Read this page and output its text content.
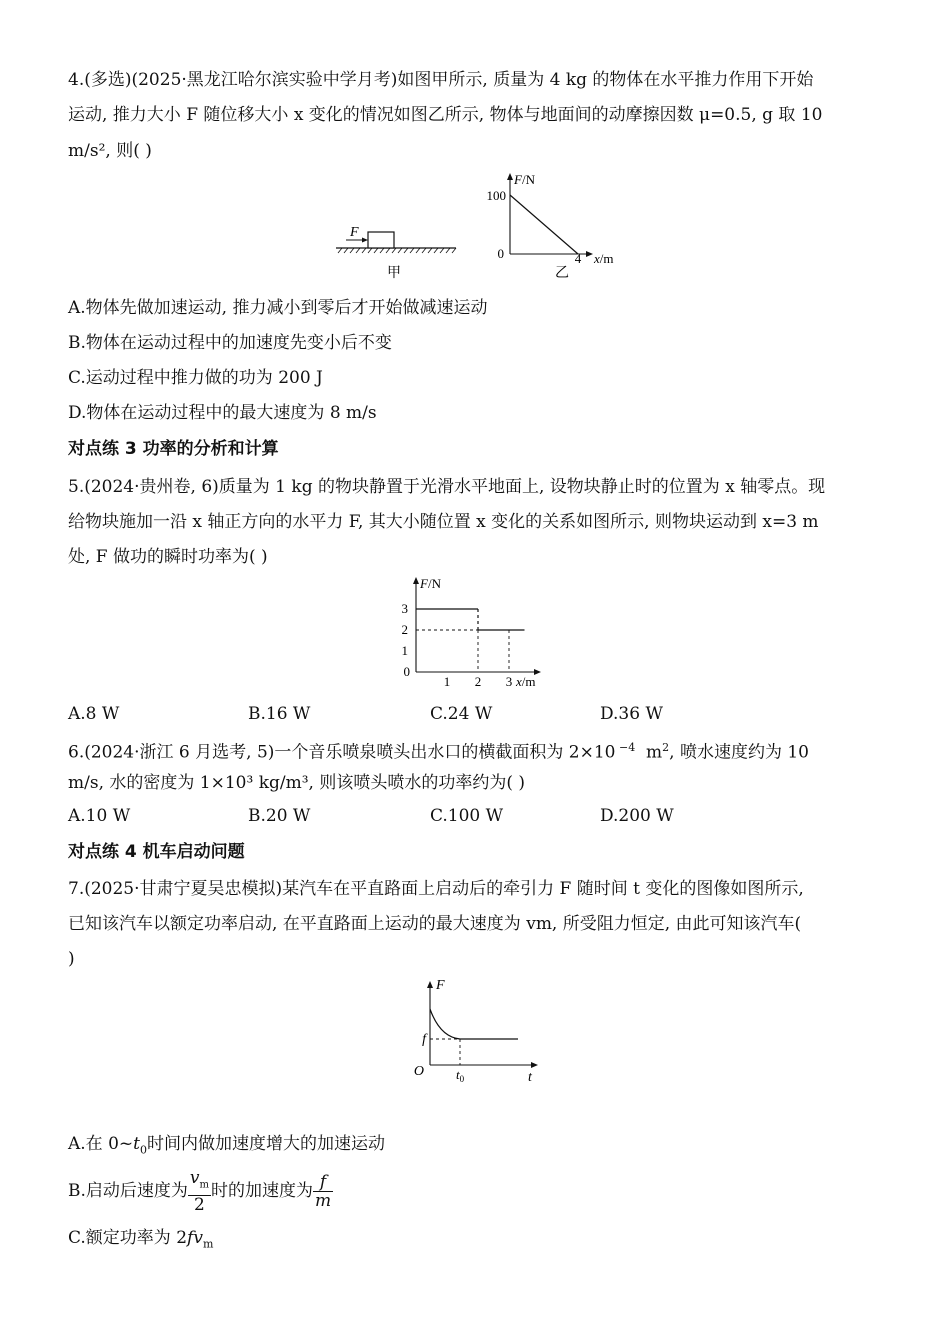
4.(多选)(2025·黑龙江哈尔滨实验中学月考)如图甲所示, 质量为 4 kg 的物体在水平推力作用下开始
运动, 推力大小 F 随位移大小 x 变化的情况如图乙所示, 物体与地面间的动摩擦因数 μ=0.5, g 取 10
m/s², 则( )
F
甲
F/N
100
0	4 x/m
乙
A.物体先做加速运动, 推力减小到零后才开始做减速运动
B.物体在运动过程中的加速度先变小后不变
C.运动过程中推力做的功为 200 J
D.物体在运动过程中的最大速度为 8 m/s
对点练 3 功率的分析和计算
5.(2024·贵州卷, 6)质量为 1 kg 的物块静置于光滑水平地面上, 设物块静止时的位置为 x 轴零点。现
给物块施加一沿 x 轴正方向的水平力 F, 其大小随位置 x 变化的关系如图所示, 则物块运动到 x=3 m
处, F 做功的瞬时功率为( )
F/N
x/m
0
1 2 3
3
2
1
A.8 W	B.16 W	C.24 W	D.36 W
6.(2024·浙江 6 月选考, 5)一个音乐喷泉喷头出水口的横截面积为 2×10 $^{-4}$  $m^2$, 喷水速度约为 10
m/s, 水的密度为 1×10³ kg/m³, 则该喷头喷水的功率约为( )
A.10 W	B.20 W	C.100 W	D.200 W
对点练 4 机车启动问题
7.(2025·甘肃宁夏吴忠模拟)某汽车在平直路面上启动后的牵引力 F 随时间 t 变化的图像如图所示,
已知该汽车以额定功率启动, 在平直路面上运动的最大速度为 vm, 所受阻力恒定, 由此可知该汽车(
)
F
f
O $t_0$	t
A.在 $0\sim t_0$时间内做加速度增大的加速运动
B.启动后速度为 $\frac{v_m}{2}$ 时的加速度为 $\frac{f}{m}$
C.额定功率为 $2fv_m$
